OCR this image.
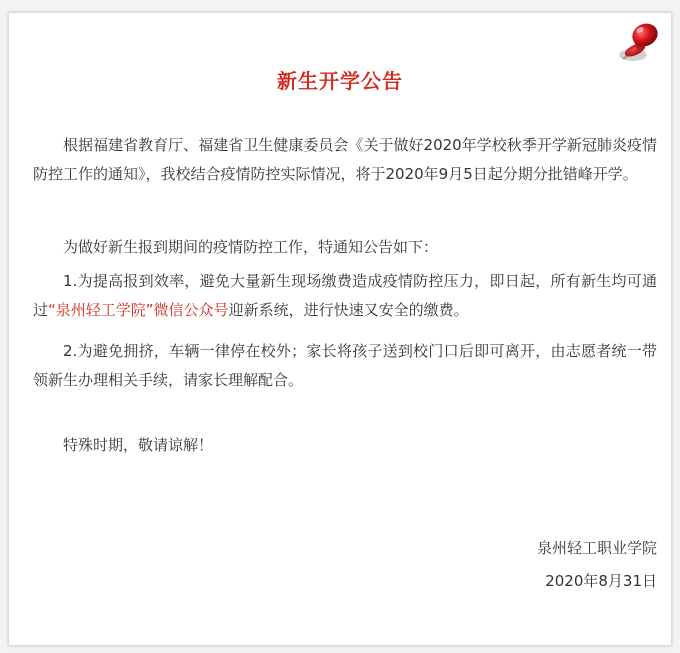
新生开学公告

根据福建省教育厅、福建省卫生健康委员会《关于做好2020年学校秋季开学新冠肺炎疫情防控工作的通知》，我校结合疫情防控实际情况，将于2020年9月5日起分期分批错峰开学。

为做好新生报到期间的疫情防控工作，特通知公告如下：

1.为提高报到效率，避免大量新生现场缴费造成疫情防控压力，即日起，所有新生均可通过“泉州轻工学院”微信公众号迎新系统，进行快速又安全的缴费。

2.为避免拥挤，车辆一律停在校外；家长将孩子送到校门口后即可离开，由志愿者统一带领新生办理相关手续，请家长理解配合。

特殊时期，敬请谅解！

泉州轻工职业学院
2020年8月31日
